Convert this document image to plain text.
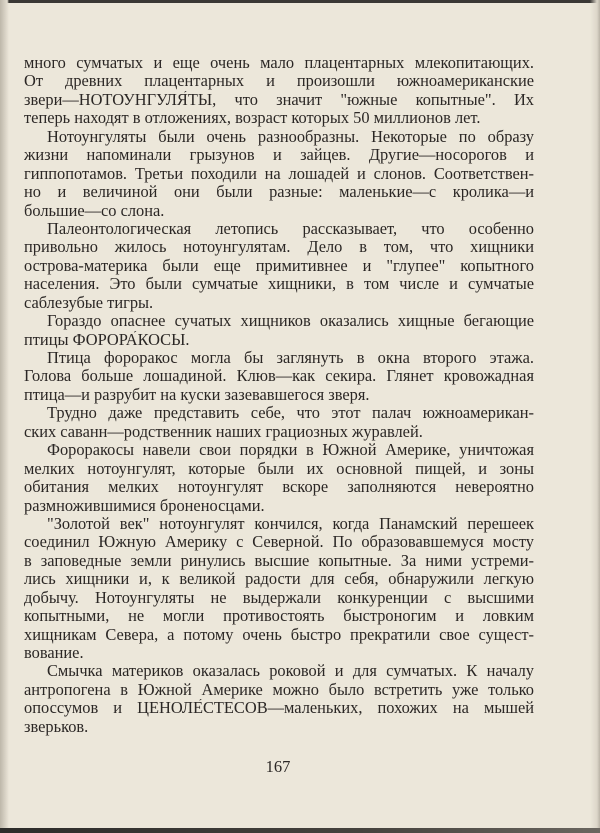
много сумчатых и еще очень мало плацентарных млекопитающих.
От древних плацентарных и произошли южноамериканские
звери—НОТОУНГУЛЯ́ТЫ, что значит "южные копытные". Их
теперь находят в отложениях, возраст которых 50 миллионов лет.
Нотоунгуляты были очень разнообразны. Некоторые по образу
жизни напоминали грызунов и зайцев. Другие—носорогов и
гиппопотамов. Третьи походили на лошадей и слонов. Соответствен-
но и величиной они были разные: маленькие—с кролика—и
большие—со слона.
Палеонтологическая летопись рассказывает, что особенно
привольно жилось нотоунгулятам. Дело в том, что хищники
острова-материка были еще примитивнее и "глупее" копытного
населения. Это были сумчатые хищники, в том числе и сумчатые
саблезубые тигры.
Гораздо опаснее сучатых хищников оказались хищные бегающие
птицы ФОРОРА́КОСЫ.
Птица фороракос могла бы заглянуть в окна второго этажа.
Голова больше лошадиной. Клюв—как секира. Глянет кровожадная
птица—и разрубит на куски зазевавшегося зверя.
Трудно даже представить себе, что этот палач южноамерикан-
ских саванн—родственник наших грациозных журавлей.
Фороракосы навели свои порядки в Южной Америке, уничтожая
мелких нотоунгулят, которые были их основной пищей, и зоны
обитания мелких нотоунгулят вскоре заполняются невероятно
размножившимися броненосцами.
"Золотой век" нотоунгулят кончился, когда Панамский перешеек
соединил Южную Америку с Северной. По образовавшемуся мосту
в заповедные земли ринулись высшие копытные. За ними устреми-
лись хищники и, к великой радости для себя, обнаружили легкую
добычу. Нотоунгуляты не выдержали конкуренции с высшими
копытными, не могли противостоять быстроногим и ловким
хищникам Севера, а потому очень быстро прекратили свое сущест-
вование.
Смычка материков оказалась роковой и для сумчатых. К началу
антропогена в Южной Америке можно было встретить уже только
опоссумов и ЦЕНОЛЕ́СТЕСОВ—маленьких, похожих на мышей
зверьков.
167
